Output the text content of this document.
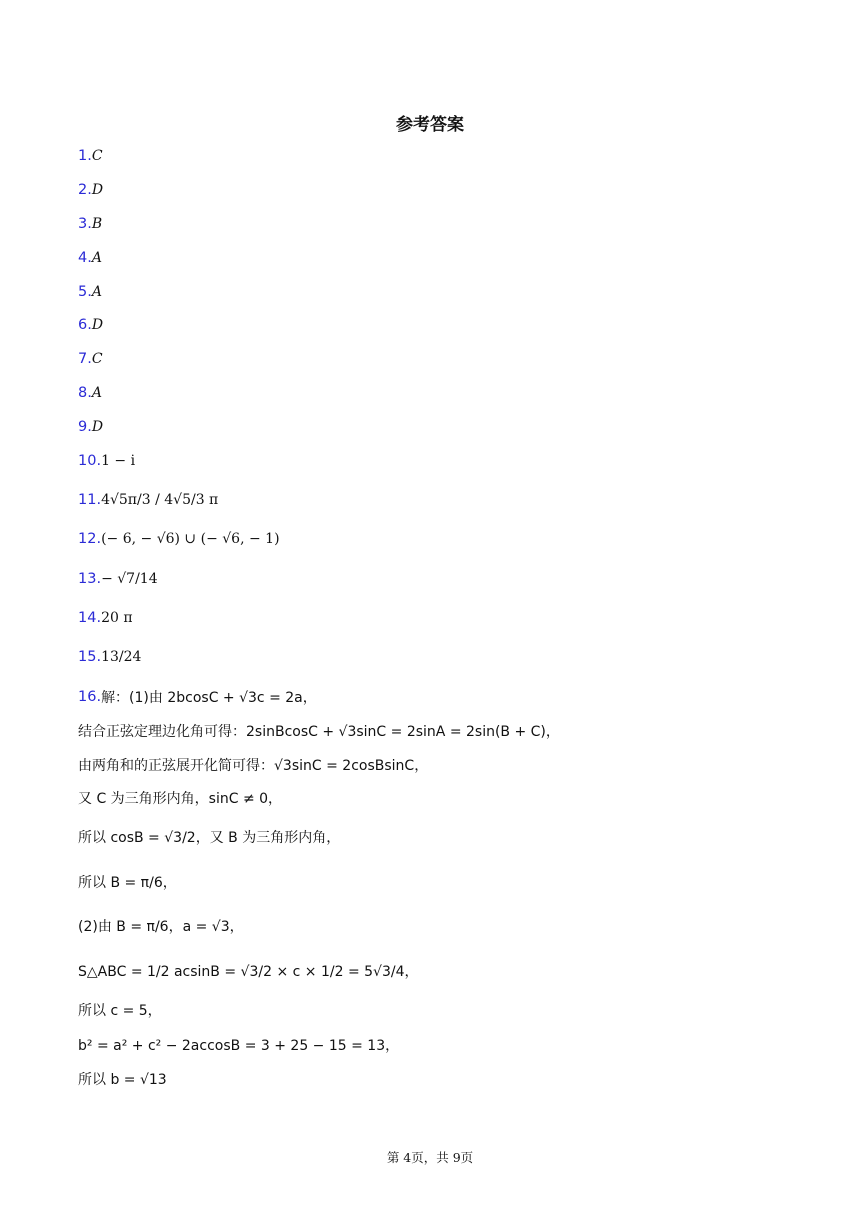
参考答案
1. C
2. D
3. B
4. A
5. A
6. D
7. C
8. A
9. D
10. 1 − i
11. 4√5π/3 / 4√5/3 π
12. (− 6, − √6) ∪ (− √6, − 1)
13. − √7/14
14. 20 π
15. 13/24
16. 解：(1)由 2bcosC + √3c = 2a，
结合正弦定理边化角可得：2sinBcosC + √3sinC = 2sinA = 2sin(B + C)，
由两角和的正弦展开化简可得：√3sinC = 2cosBsinC，
又 C 为三角形内角，sinC ≠ 0，
所以 cosB = √3/2，又 B 为三角形内角，
所以 B = π/6，
(2)由 B = π/6，a = √3，
S△ABC = 1/2 acsinB = √3/2 × c × 1/2 = 5√3/4，
所以 c = 5，
b² = a² + c² − 2accosB = 3 + 25 − 15 = 13，
所以 b = √13
第 4页，共 9页
